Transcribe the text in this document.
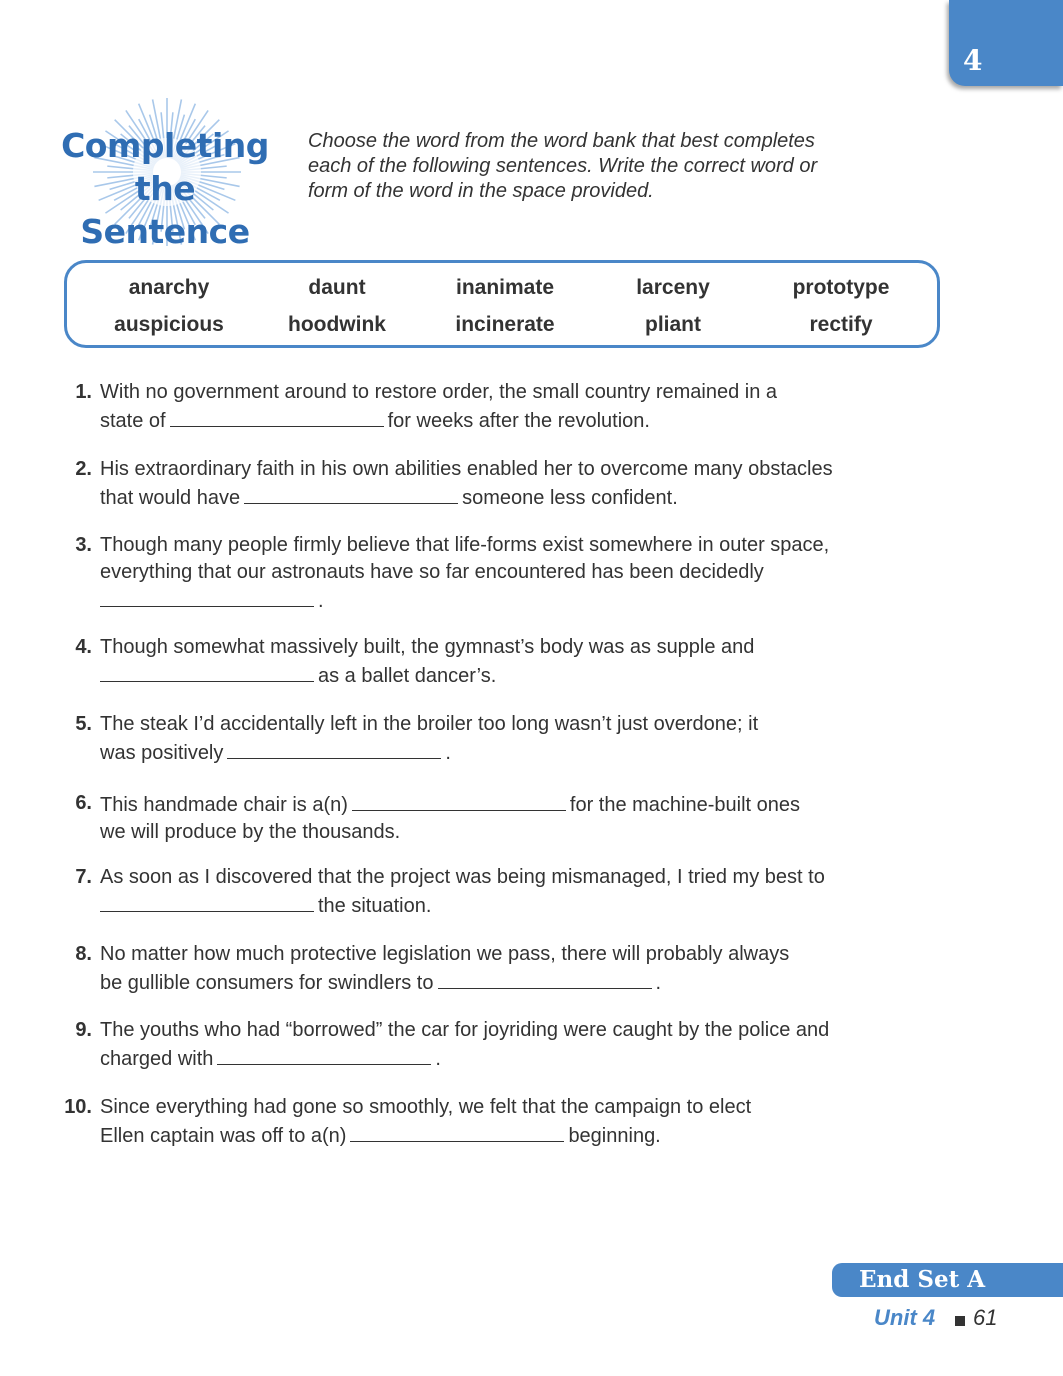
4
Completing
the Sentence
Choose the word from the word bank that best completes each of the following sentences. Write the correct word or form of the word in the space provided.
anarchy	daunt	inanimate	larceny	prototype
auspicious	hoodwink	incinerate	pliant	rectify
1. With no government around to restore order, the small country remained in a
state of	for weeks after the revolution.
2. His extraordinary faith in his own abilities enabled her to overcome many obstacles
that would have	someone less confident.
3. Though many people firmly believe that life-forms exist somewhere in outer space,
everything that our astronauts have so far encountered has been decidedly
.
4. Though somewhat massively built, the gymnast’s body was as supple and
as a ballet dancer’s.
5. The steak I’d accidentally left in the broiler too long wasn’t just overdone; it
was positively	.
6. This handmade chair is a(n)	for the machine-built ones
we will produce by the thousands.
7. As soon as I discovered that the project was being mismanaged, I tried my best to
the situation.
8. No matter how much protective legislation we pass, there will probably always
be gullible consumers for swindlers to	.
9. The youths who had “borrowed” the car for joyriding were caught by the police and
charged with	.
10. Since everything had gone so smoothly, we felt that the campaign to elect
Ellen captain was off to a(n)	beginning.
End Set A
Unit 4 61
